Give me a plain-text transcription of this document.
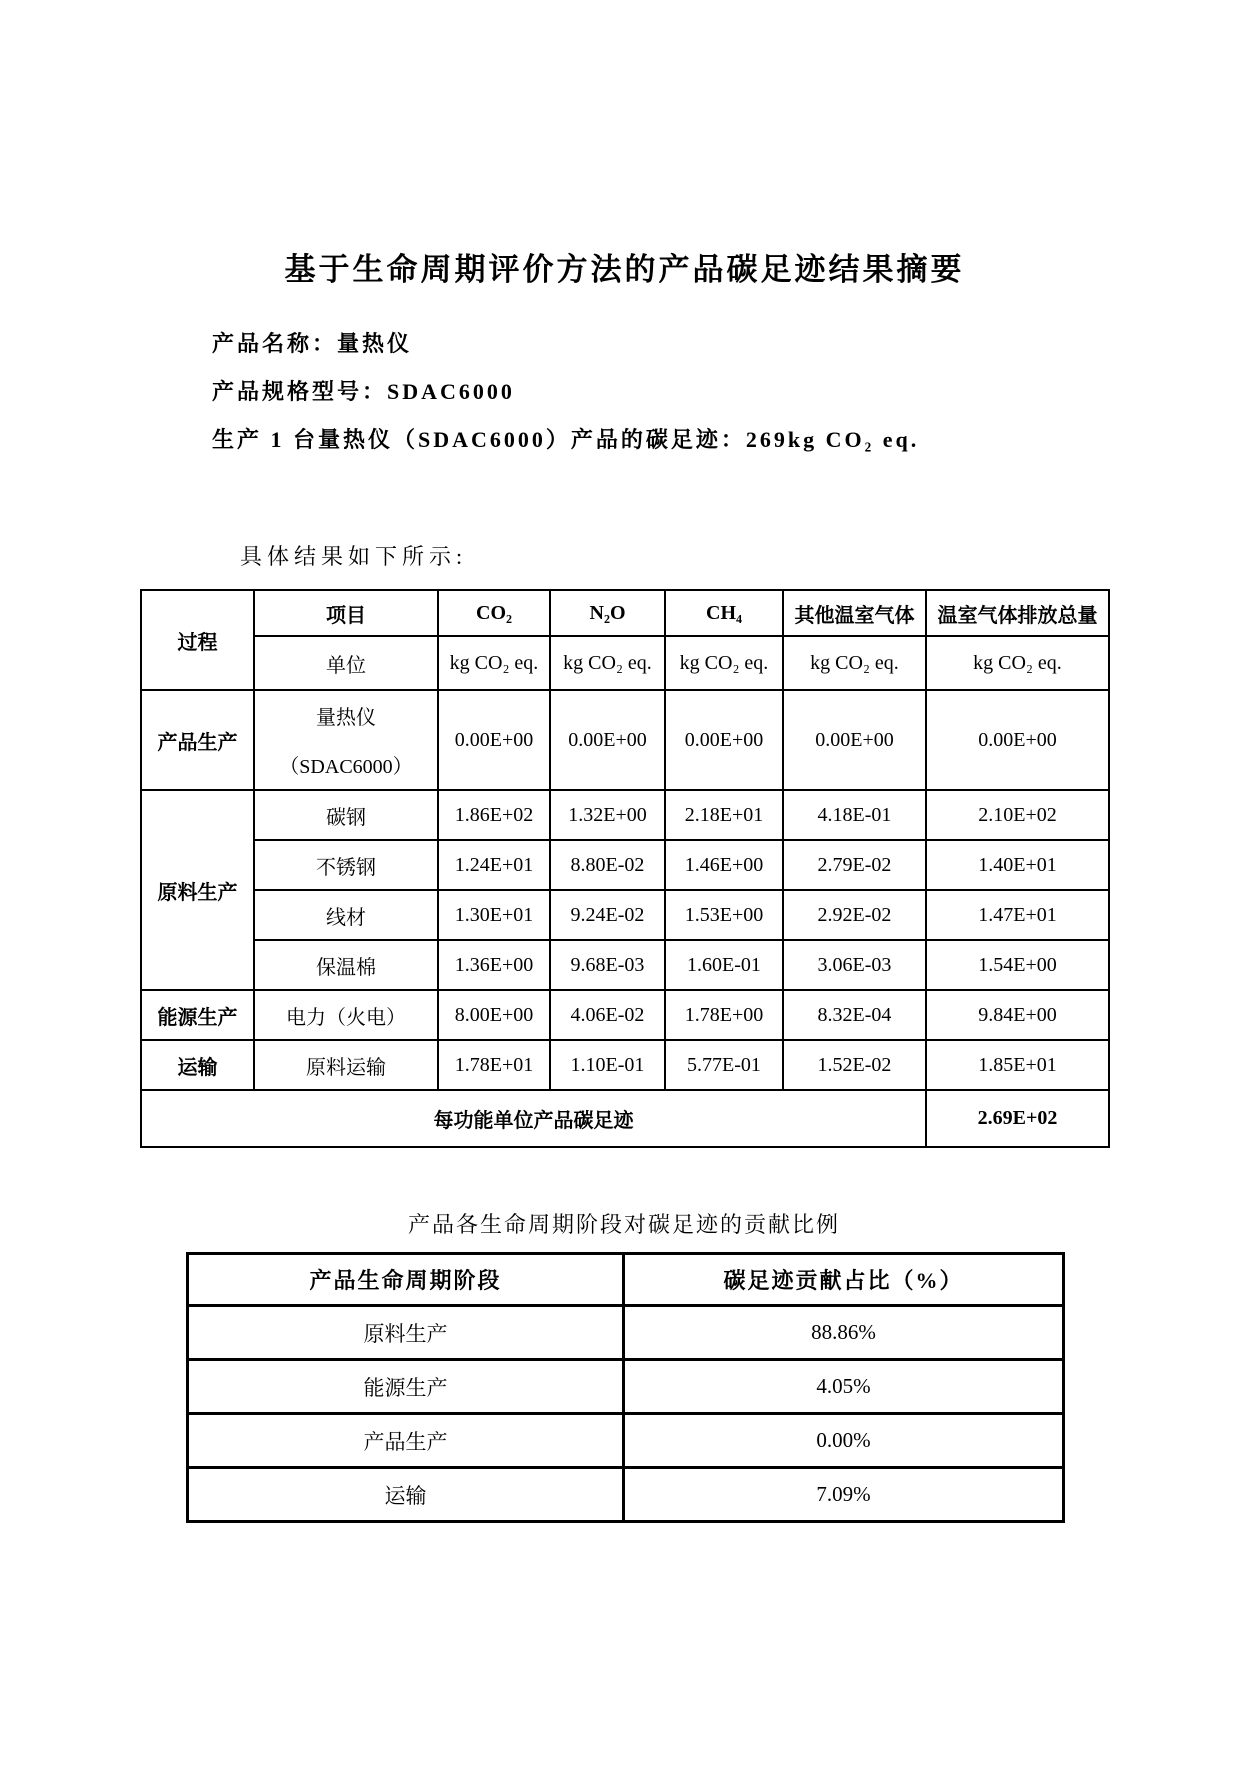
基于生命周期评价方法的产品碳足迹结果摘要

产品名称：量热仪

产品规格型号：SDAC6000

生产 1 台量热仪（SDAC6000）产品的碳足迹：269kg CO₂ eq.

具体结果如下所示:

过程	项目	CO₂	N₂O	CH₄	其他温室气体	温室气体排放总量
	单位	kg CO₂ eq.	kg CO₂ eq.	kg CO₂ eq.	kg CO₂ eq.	kg CO₂ eq.
产品生产	量热仪
（SDAC6000）	0.00E+00	0.00E+00	0.00E+00	0.00E+00	0.00E+00
原料生产	碳钢	1.86E+02	1.32E+00	2.18E+01	4.18E-01	2.10E+02
	不锈钢	1.24E+01	8.80E-02	1.46E+00	2.79E-02	1.40E+01
	线材	1.30E+01	9.24E-02	1.53E+00	2.92E-02	1.47E+01
	保温棉	1.36E+00	9.68E-03	1.60E-01	3.06E-03	1.54E+00
能源生产	电力（火电）	8.00E+00	4.06E-02	1.78E+00	8.32E-04	9.84E+00
运输	原料运输	1.78E+01	1.10E-01	5.77E-01	1.52E-02	1.85E+01
每功能单位产品碳足迹						2.69E+02

产品各生命周期阶段对碳足迹的贡献比例

产品生命周期阶段	碳足迹贡献占比（%）
原料生产	88.86%
能源生产	4.05%
产品生产	0.00%
运输	7.09%
